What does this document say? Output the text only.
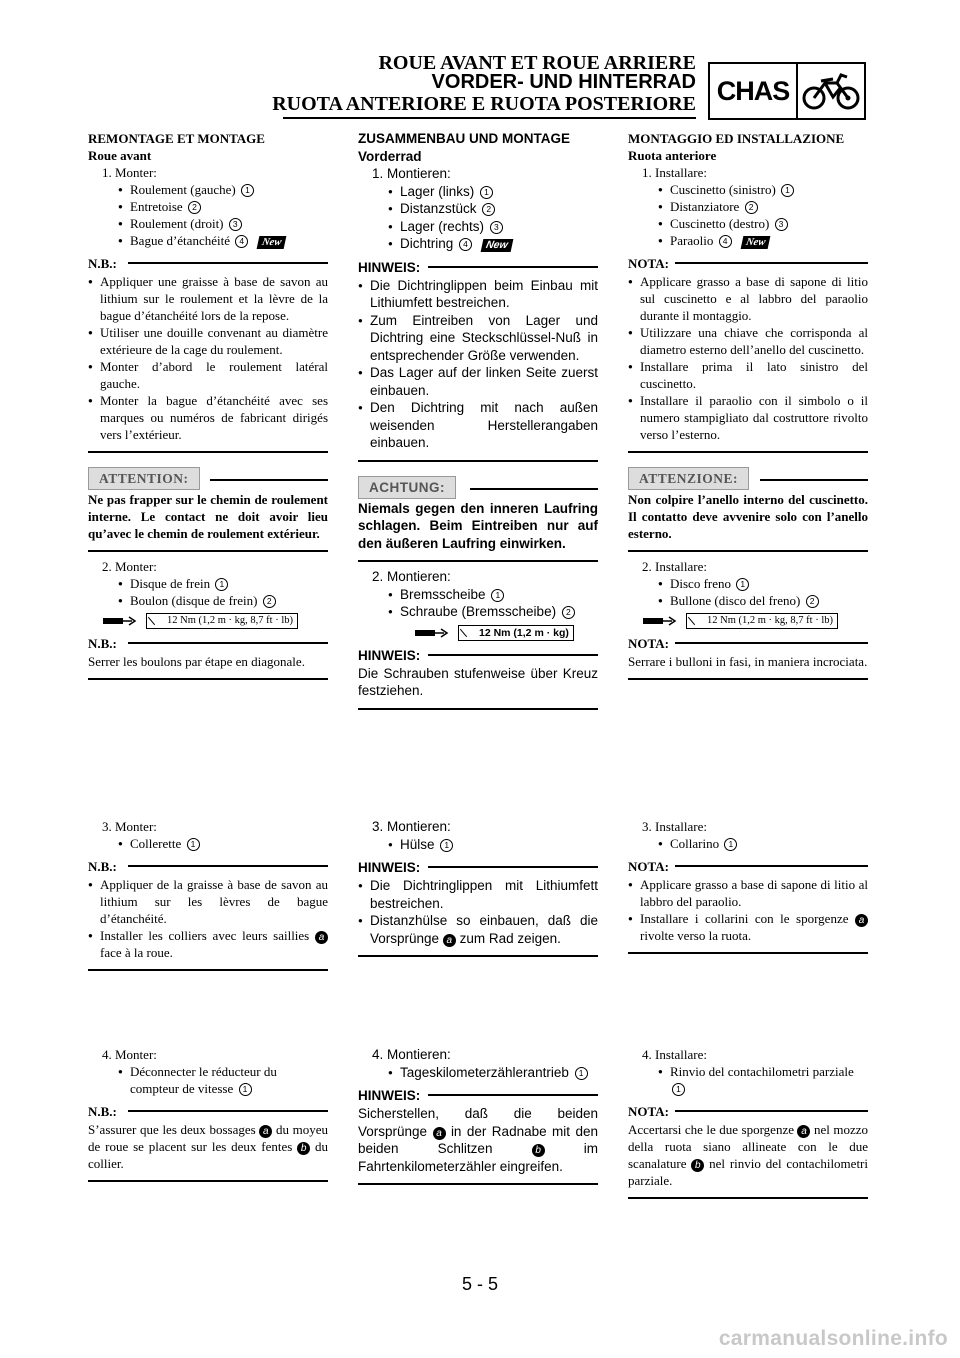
ROUE AVANT ET ROUE ARRIERE
VORDER- UND HINTERRAD
RUOTA ANTERIORE E RUOTA POSTERIORE CHAS
REMONTAGE ET MONTAGE
Roue avant
1. Monter:
● Roulement (gauche) 1
● Entretoise 2
● Roulement (droit) 3
● Bague d’étanchéité 4 New
N.B.:
● Appliquer une graisse à base de savon au lithium sur le roulement et la lèvre de la bague d’étanchéité lors de la repose.
● Utiliser une douille convenant au diamètre extérieure de la cage du roulement.
● Monter d’abord le roulement latéral gauche.
● Monter la bague d’étanchéité avec ses marques ou numéros de fabricant dirigés vers l’extérieur.
ATTENTION:
Ne pas frapper sur le chemin de roulement interne. Le contact ne doit avoir lieu qu’avec le chemin de roulement extérieur.
2. Monter:
● Disque de frein 1
● Boulon (disque de frein) 2
12 Nm (1,2 m · kg, 8,7 ft · lb)
N.B.:
Serrer les boulons par étape en diagonale.
3. Monter:
● Collerette 1
N.B.:
● Appliquer de la graisse à base de savon au lithium sur les lèvres de bague d’étanchéité.
● Installer les colliers avec leurs saillies a face à la roue.
4. Monter:
● Déconnecter le réducteur du compteur de vitesse 1
N.B.:
S’assurer que les deux bossages a du moyeu de roue se placent sur les deux fentes b du collier.
ZUSAMMENBAU UND MONTAGE
Vorderrad
1. Montieren:
● Lager (links) 1
● Distanzstück 2
● Lager (rechts) 3
● Dichtring 4 New
HINWEIS:
● Die Dichtringlippen beim Einbau mit Lithiumfett bestreichen.
● Zum Eintreiben von Lager und Dichtring eine Steckschlüssel-Nuß in entsprechender Größe verwenden.
● Das Lager auf der linken Seite zuerst einbauen.
● Den Dichtring mit nach außen weisenden Herstellerangaben einbauen.
ACHTUNG:
Niemals gegen den inneren Laufring schlagen. Beim Eintreiben nur auf den äußeren Laufring einwirken.
2. Montieren:
● Bremsscheibe 1
● Schraube (Bremsscheibe) 2
12 Nm (1,2 m · kg)
HINWEIS:
Die Schrauben stufenweise über Kreuz festziehen.
3. Montieren:
● Hülse 1
HINWEIS:
● Die Dichtringlippen mit Lithiumfett bestreichen.
● Distanzhülse so einbauen, daß die Vorsprünge a zum Rad zeigen.
4. Montieren:
● Tageskilometerzählerantrieb 1
HINWEIS:
Sicherstellen, daß die beiden Vorsprünge a in der Radnabe mit den beiden Schlitzen	b	im Fahrtenkilometerzähler eingreifen.
MONTAGGIO ED INSTALLAZIONE
Ruota anteriore
1. Installare:
● Cuscinetto (sinistro) 1
● Distanziatore 2
● Cuscinetto (destro) 3
● Paraolio 4 New
NOTA:
● Applicare grasso a base di sapone di litio sul cuscinetto e al labbro del paraolio durante il montaggio.
● Utilizzare una chiave che corrisponda al diametro esterno dell’anello del cuscinetto.
● Installare prima il lato sinistro del cuscinetto.
● Installare il paraolio con il simbolo o il numero stampigliato dal costruttore rivolto verso l’esterno.
ATTENZIONE:
Non colpire l’anello interno del cuscinetto. Il contatto deve avvenire solo con l’anello esterno.
2. Installare:
● Disco freno 1
● Bullone (disco del freno) 2
12 Nm (1,2 m · kg, 8,7 ft · lb)
NOTA:
Serrare i bulloni in fasi, in maniera incrociata.
3. Installare:
● Collarino 1
NOTA:
● Applicare grasso a base di sapone di litio al labbro del paraolio.
● Installare i collarini con le sporgenze a rivolte verso la ruota.
4. Installare:
● Rinvio del contachilometri parziale 1
NOTA:
Accertarsi che le due sporgenze a nel mozzo della ruota siano allineate con le due scanalature b nel rinvio del contachilometri parziale.
5 - 5
carmanualsonline.info
